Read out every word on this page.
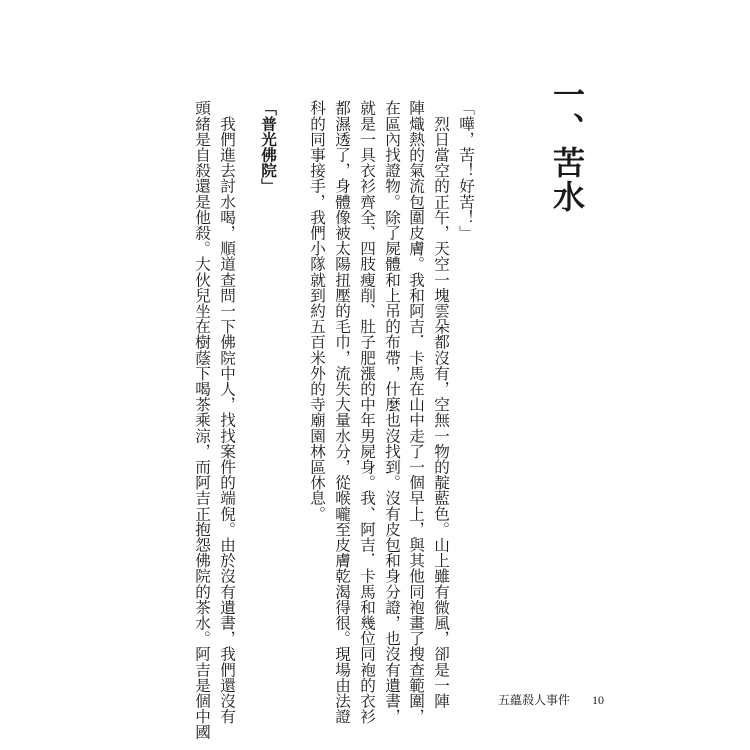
一、苦水
「嘩，苦！好苦！」
　烈日當空的正午，天空一塊雲朵都沒有，空無一物的靛藍色。山上雖有微風，卻是一陣
陣熾熱的氣流包圍皮膚。我和阿吉．卡馬在山中走了一個早上，與其他同袍畫了搜查範圍，
在區內找證物。除了屍體和上吊的布帶，什麼也沒找到。沒有皮包和身分證，也沒有遺書，
就是一具衣衫齊全、四肢瘦削、肚子肥漲的中年男屍身。我、阿吉．卡馬和幾位同袍的衣衫
都濕透了，身體像被太陽扭壓的毛巾，流失大量水分，從喉嚨至皮膚乾渴得很。現場由法證
科的同事接手，我們小隊就到約五百米外的寺廟園林區休息。
「普光佛院」
　我們進去討水喝，順道查問一下佛院中人，找找案件的端倪。由於沒有遺書，我們還沒有
頭緒是自殺還是他殺。大伙兒坐在樹蔭下喝茶乘涼，而阿吉正抱怨佛院的茶水。阿吉是個中國	五蘊殺人事件 10
